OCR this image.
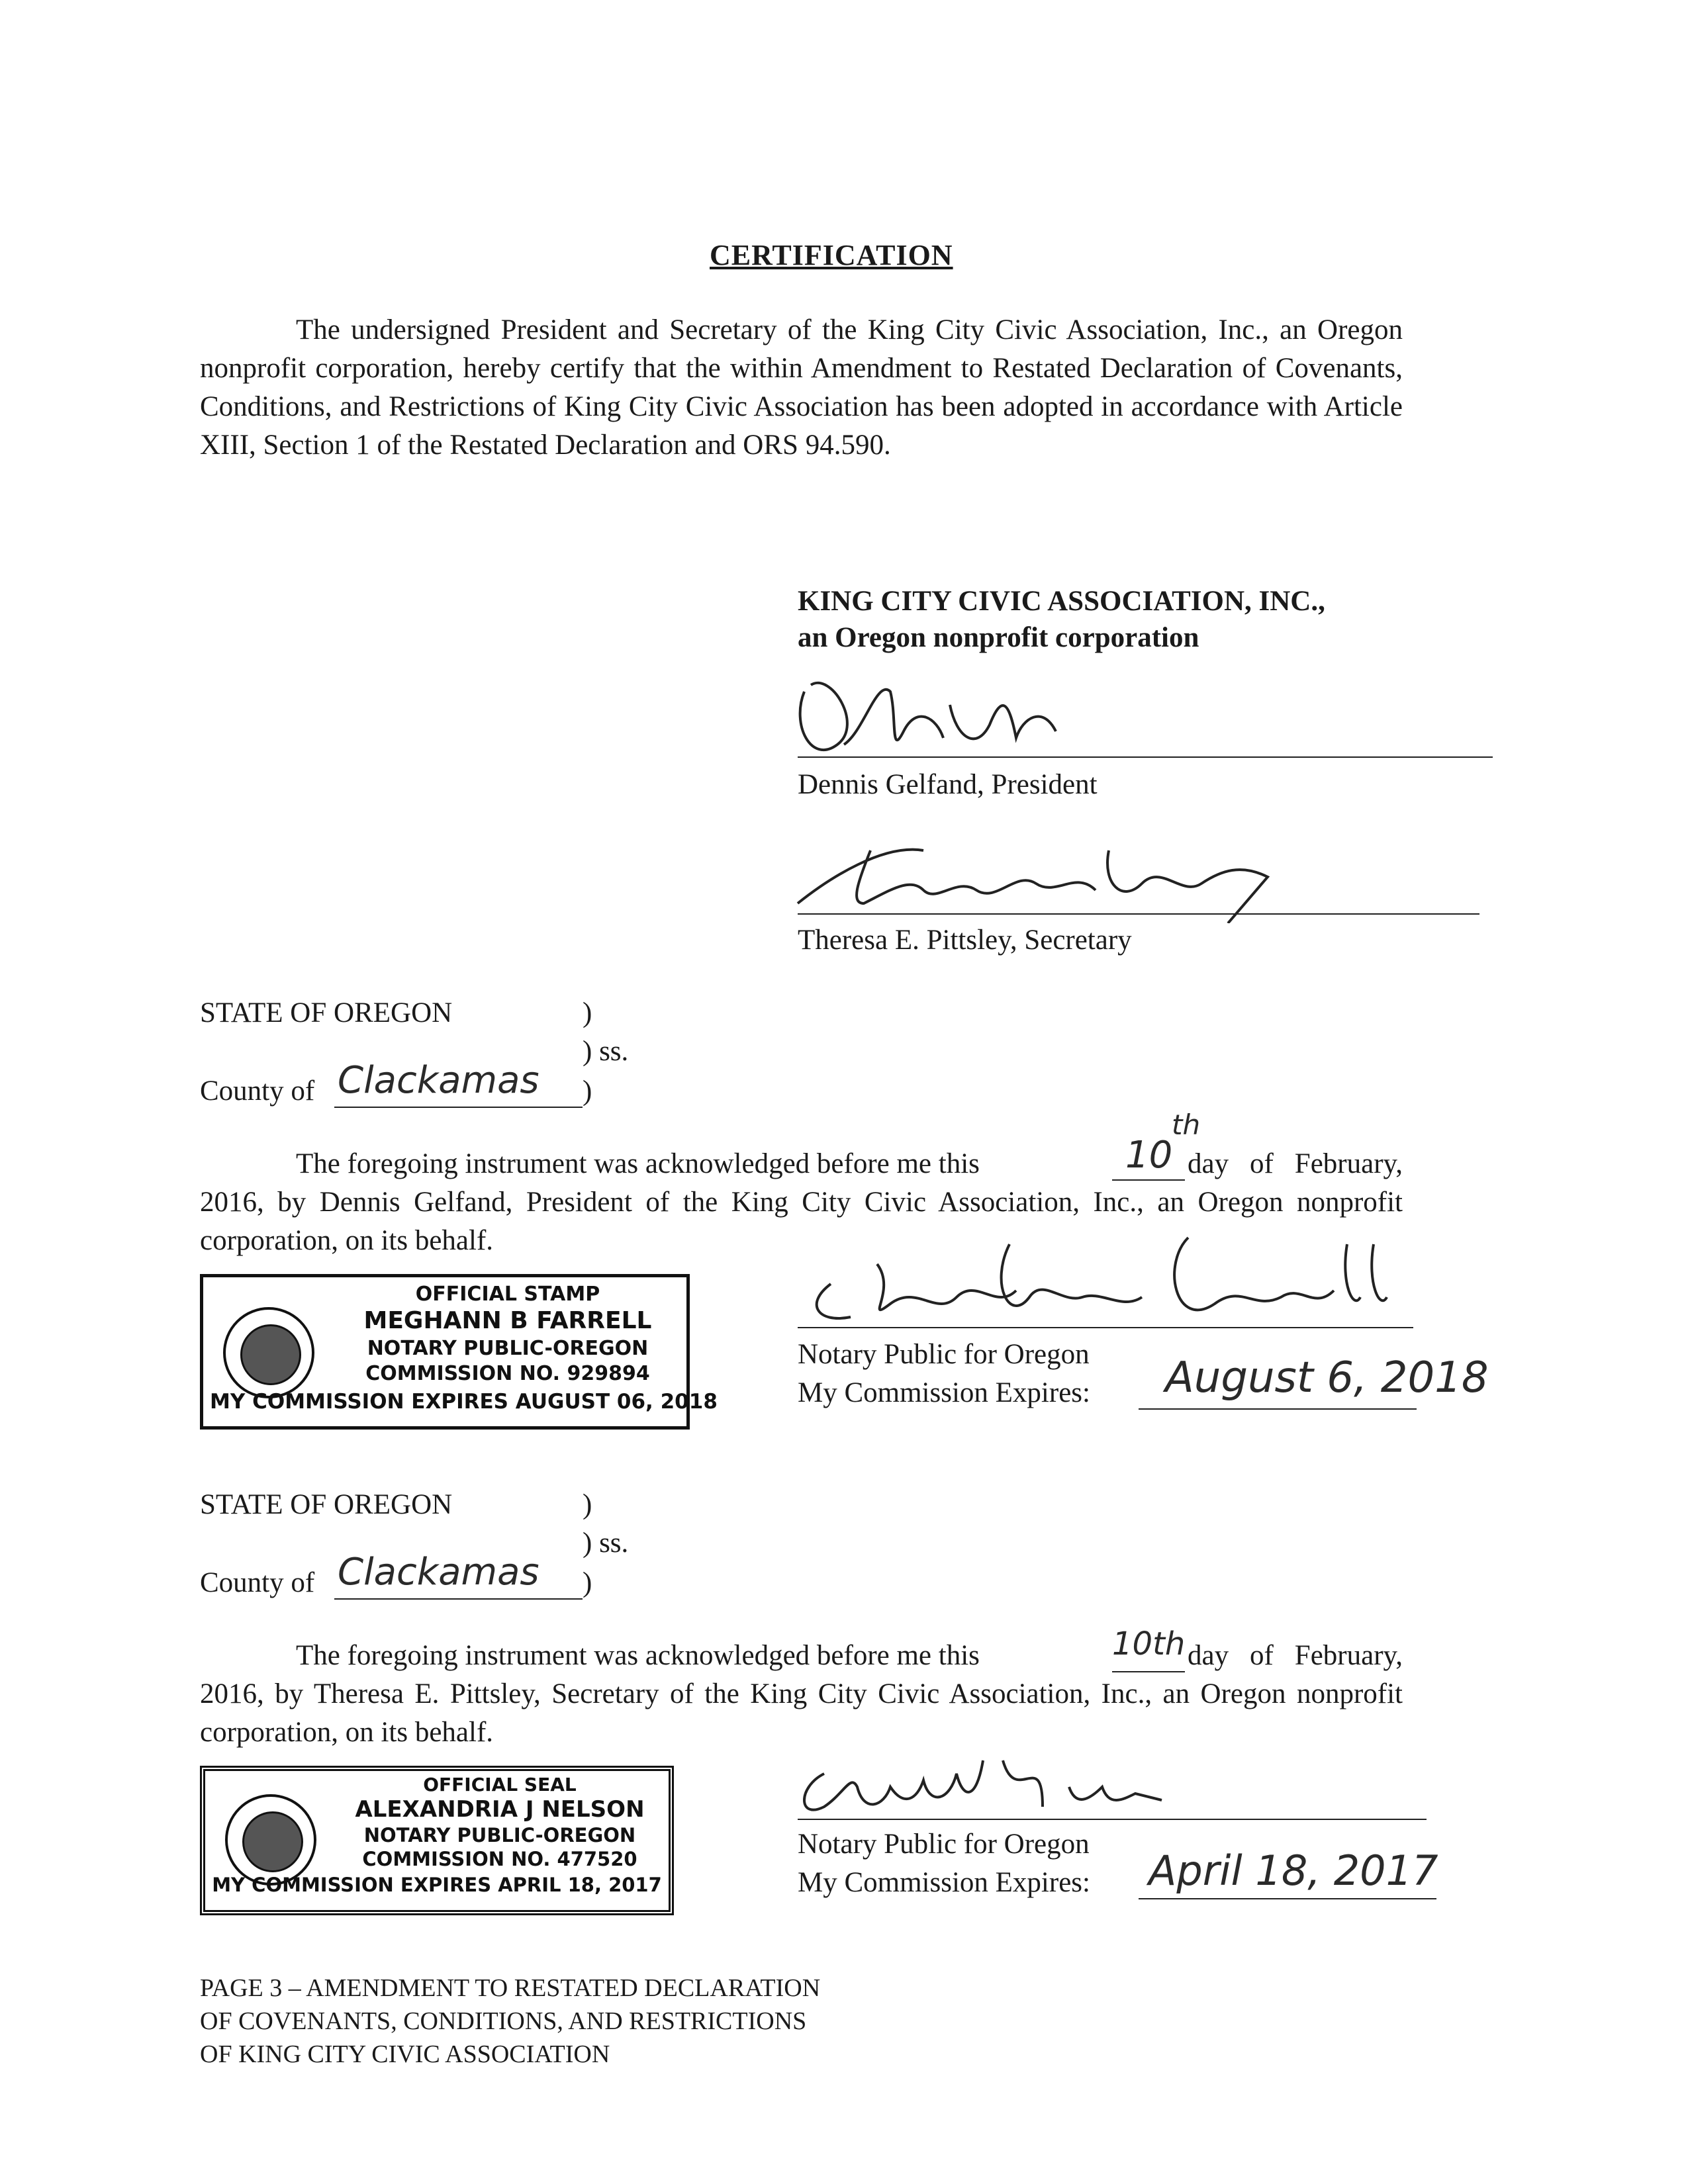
CERTIFICATION
The undersigned President and Secretary of the King City Civic Association, Inc., an Oregon nonprofit corporation, hereby certify that the within Amendment to Restated Declaration of Covenants, Conditions, and Restrictions of King City Civic Association has been adopted in accordance with Article XIII, Section 1 of the Restated Declaration and ORS 94.590.
KING CITY CIVIC ASSOCIATION, INC.,
an Oregon nonprofit corporation
Dennis Gelfand, President
Theresa E. Pittsley, Secretary
STATE OF OREGON	)
) ss.
County of Clackamas )
The foregoing instrument was acknowledged before me this	10
th
day of February, 2016, by Dennis Gelfand, President of the King City Civic Association, Inc., an Oregon nonprofit corporation, on its behalf.
OFFICIAL STAMP
MEGHANN B FARRELL
NOTARY PUBLIC-OREGON
COMMISSION NO. 929894
MY COMMISSION EXPIRES AUGUST 06, 2018
Notary Public for Oregon
My Commission Expires: August 6, 2018
STATE OF OREGON	)
) ss.
County of Clackamas )
The foregoing instrument was acknowledged before me this	10th day of February, 2016, by Theresa E. Pittsley, Secretary of the King City Civic Association, Inc., an Oregon nonprofit corporation, on its behalf.
OFFICIAL SEAL
ALEXANDRIA J NELSON
NOTARY PUBLIC-OREGON
COMMISSION NO. 477520
MY COMMISSION EXPIRES APRIL 18, 2017
Notary Public for Oregon
My Commission Expires: April 18, 2017
PAGE 3 – AMENDMENT TO RESTATED DECLARATION
OF COVENANTS, CONDITIONS, AND RESTRICTIONS
OF KING CITY CIVIC ASSOCIATION
